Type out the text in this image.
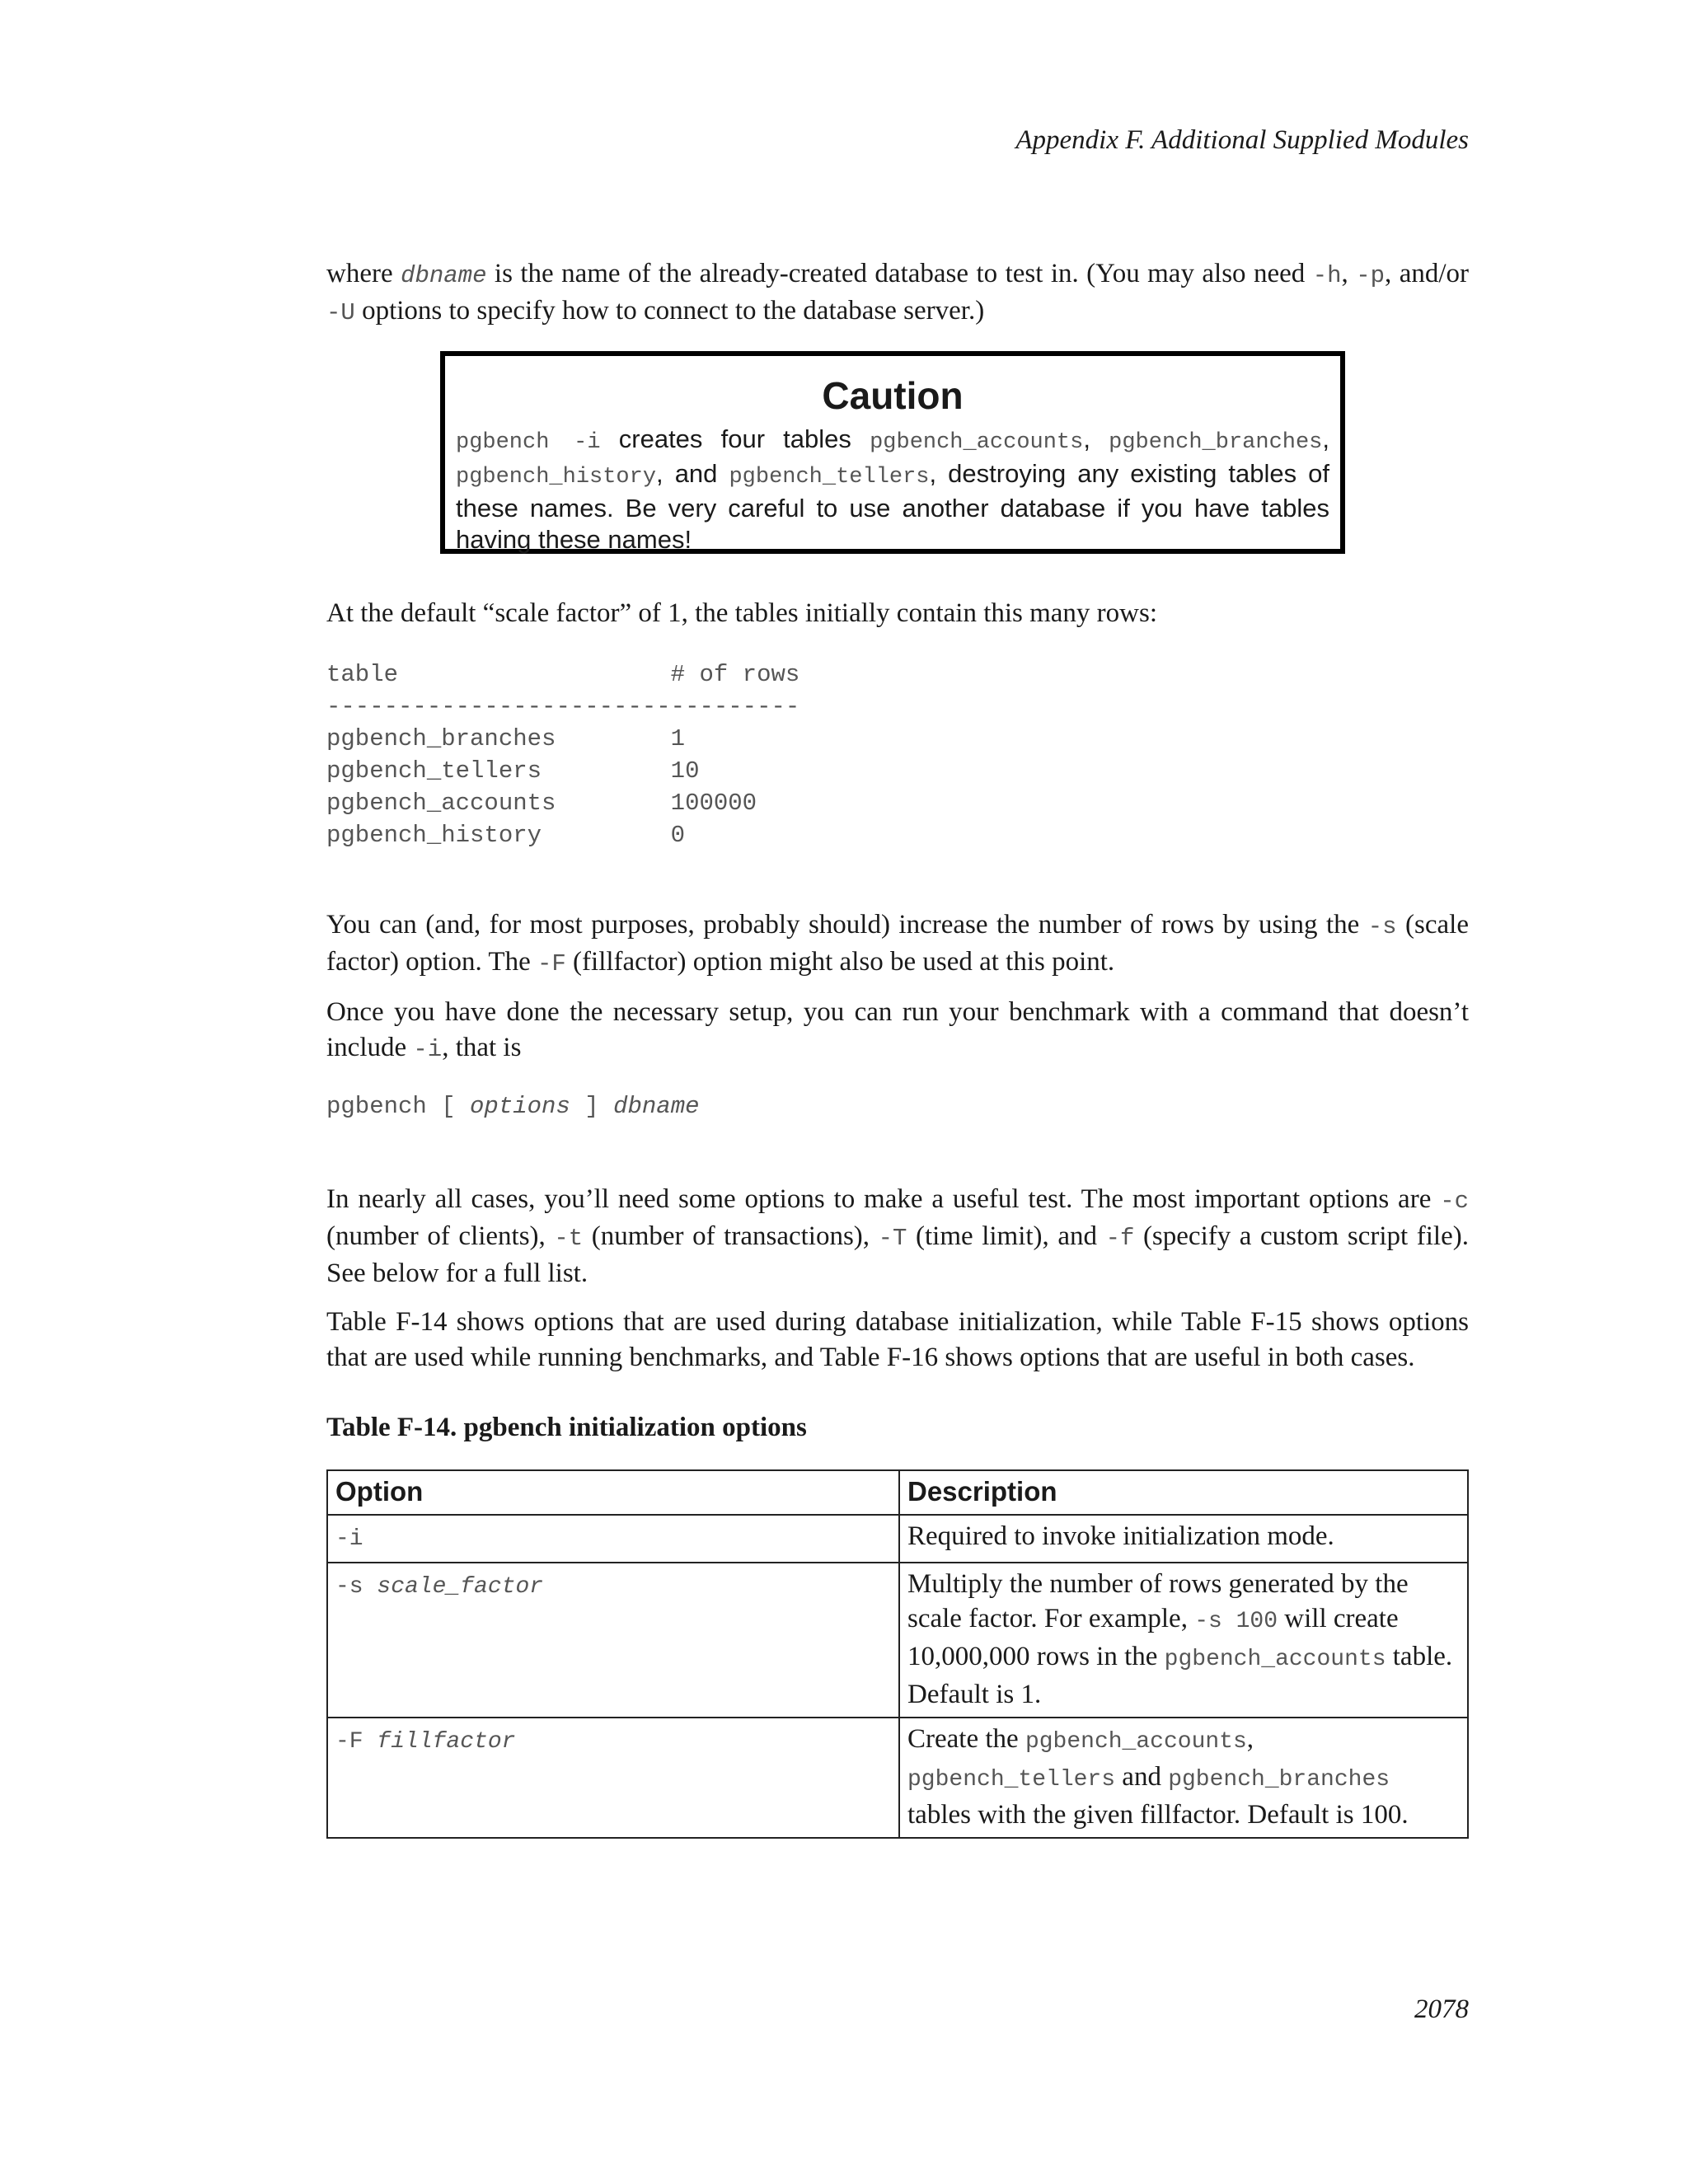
Appendix F. Additional Supplied Modules

where dbname is the name of the already-created database to test in. (You may also need -h, -p, and/or -U options to specify how to connect to the database server.)

Caution
pgbench -i creates four tables pgbench_accounts, pgbench_branches, pgbench_history, and pgbench_tellers, destroying any existing tables of these names. Be very careful to use another database if you have tables having these names!

At the default “scale factor” of 1, the tables initially contain this many rows:

table                   # of rows
---------------------------------
pgbench_branches        1
pgbench_tellers         10
pgbench_accounts        100000
pgbench_history         0

You can (and, for most purposes, probably should) increase the number of rows by using the -s (scale factor) option. The -F (fillfactor) option might also be used at this point.

Once you have done the necessary setup, you can run your benchmark with a command that doesn’t include -i, that is

pgbench [ options ] dbname

In nearly all cases, you’ll need some options to make a useful test. The most important options are -c (number of clients), -t (number of transactions), -T (time limit), and -f (specify a custom script file). See below for a full list.

Table F-14 shows options that are used during database initialization, while Table F-15 shows options that are used while running benchmarks, and Table F-16 shows options that are useful in both cases.

Table F-14. pgbench initialization options
Option	Description
-i	Required to invoke initialization mode.
-s scale_factor	Multiply the number of rows generated by the scale factor. For example, -s 100 will create 10,000,000 rows in the pgbench_accounts table. Default is 1.
-F fillfactor	Create the pgbench_accounts, pgbench_tellers and pgbench_branches tables with the given fillfactor. Default is 100.
2078
